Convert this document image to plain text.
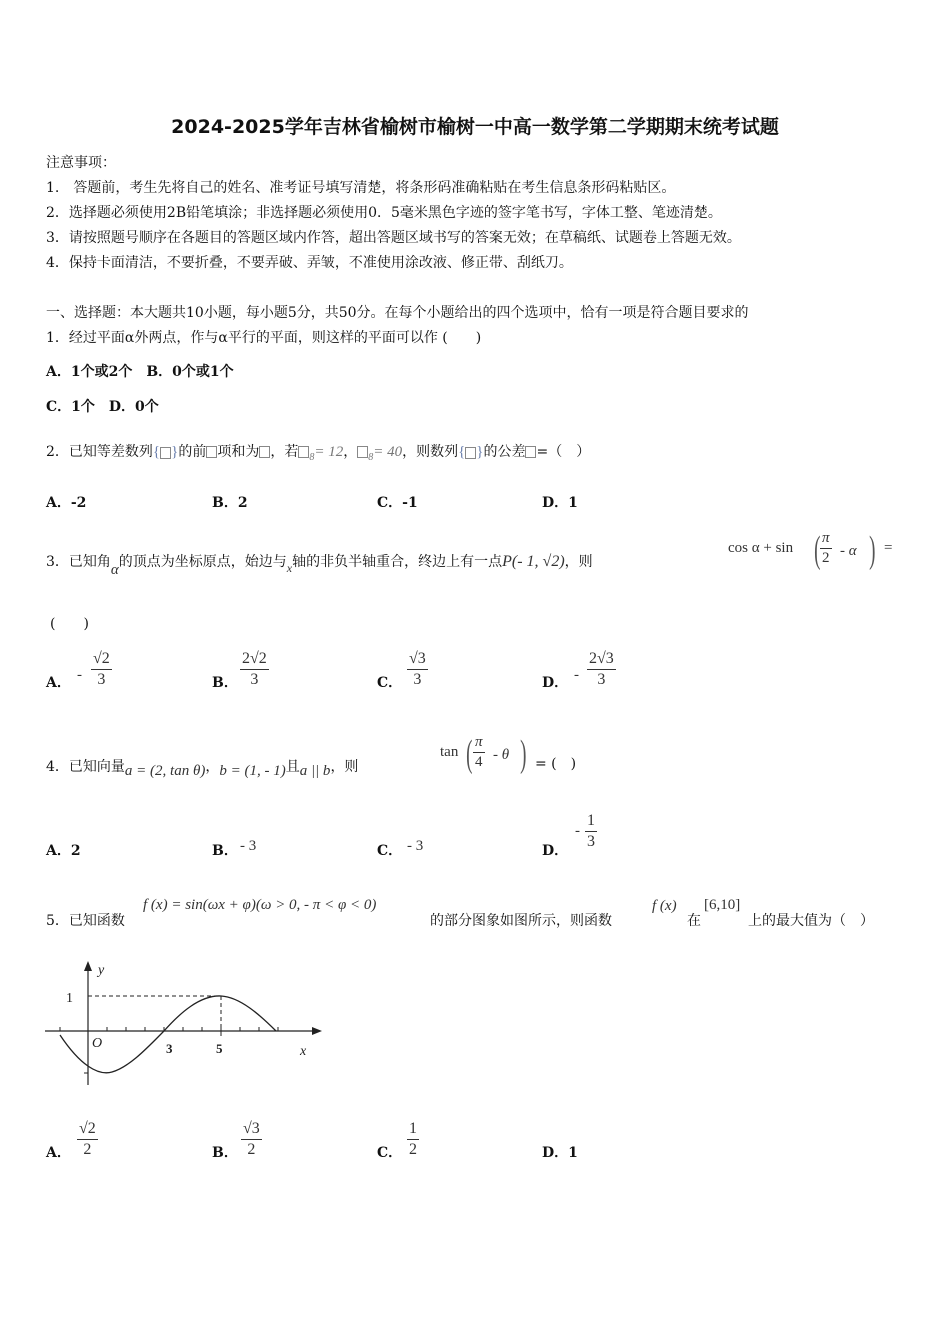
2024-2025学年吉林省榆树市榆树一中高一数学第二学期期末统考试题
注意事项：
1.　答题前，考生先将自己的姓名、准考证号填写清楚，将条形码准确粘贴在考生信息条形码粘贴区。
2．选择题必须使用2B铅笔填涂；非选择题必须使用0．5毫米黑色字迹的签字笔书写，字体工整、笔迹清楚。
3．请按照题号顺序在各题目的答题区域内作答，超出答题区域书写的答案无效；在草稿纸、试题卷上答题无效。
4．保持卡面清洁，不要折叠，不要弄破、弄皱，不准使用涂改液、修正带、刮纸刀。
一、选择题：本大题共10小题，每小题5分，共50分。在每个小题给出的四个选项中，恰有一项是符合题目要求的
1．经过平面α外两点，作与α平行的平面，则这样的平面可以作 (　　)
A．1个或2个　B．0个或1个
C．1个　D．0个
2．已知等差数列{ }的前 项和为 ，若 $_8$= 12， $_8$= 40，则数列{ }的公差 =（　）
A．-2	B．2	C．-1	D．1
3．已知角α的顶点为坐标原点，始边与x轴的非负半轴重合，终边上有一点P(- 1, √2)，则
cos α + sin ( π
2 - α ) =
(　　)
A． -
√2
3	B．
2√2
3	C．
√3
3	D． -
2√3
3
4．已知向量a = (2, tan θ)，b = (1, - 1)且a || b，则
tan ( π
4 - θ ) = (　)
A．2	B． - 3	C． - 3	D．
-
1
3
5．已知函数
f (x) = sin(ωx + φ)(ω > 0, - π < φ < 0)
的部分图象如图所示，则函数
f (x)
在
[6,10]
上的最大值为（　）
y
1
O	3	5	x
A．
√2
2	B．
√3
2	C．
1
2	D．1
